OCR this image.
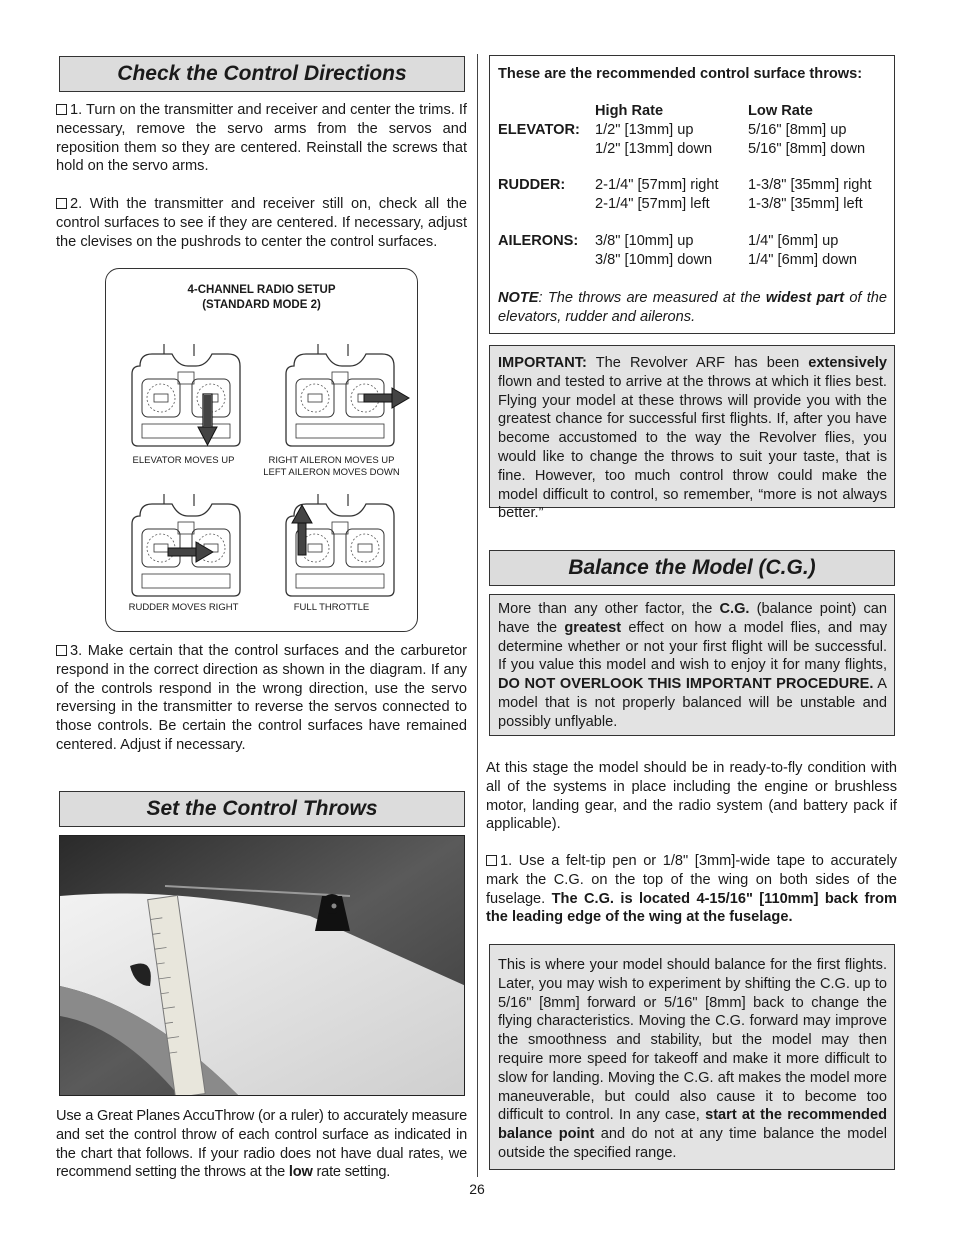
Check the Control Directions

1. Turn on the transmitter and receiver and center the trims. If necessary, remove the servo arms from the servos and reposition them so they are centered. Reinstall the screws that hold on the servo arms.

2. With the transmitter and receiver still on, check all the control surfaces to see if they are centered. If necessary, adjust the clevises on the pushrods to center the control surfaces.

4-CHANNEL RADIO SETUP
(STANDARD MODE 2)
ELEVATOR MOVES UP	RIGHT AILERON MOVES UP
LEFT AILERON MOVES DOWN
RUDDER MOVES RIGHT	FULL THROTTLE

3. Make certain that the control surfaces and the carburetor respond in the correct direction as shown in the diagram. If any of the controls respond in the wrong direction, use the servo reversing in the transmitter to reverse the servos connected to those controls. Be certain the control surfaces have remained centered. Adjust if necessary.

Set the Control Throws

Use a Great Planes AccuThrow (or a ruler) to accurately measure and set the control throw of each control surface as indicated in the chart that follows. If your radio does not have dual rates, we recommend setting the throws at the low rate setting.

These are the recommended control surface throws:
	High Rate	Low Rate
ELEVATOR:	1/2" [13mm] up	5/16" [8mm] up
	1/2" [13mm] down	5/16" [8mm] down

RUDDER:	2-1/4" [57mm] right	1-3/8" [35mm] right
	2-1/4" [57mm] left	1-3/8" [35mm] left

AILERONS:	3/8" [10mm] up	1/4" [6mm] up
	3/8" [10mm] down	1/4" [6mm] down

NOTE: The throws are measured at the widest part of the elevators, rudder and ailerons.

IMPORTANT: The Revolver ARF has been extensively flown and tested to arrive at the throws at which it flies best. Flying your model at these throws will provide you with the greatest chance for successful first flights. If, after you have become accustomed to the way the Revolver flies, you would like to change the throws to suit your taste, that is fine. However, too much control throw could make the model difficult to control, so remember, “more is not always better.”

Balance the Model (C.G.)

More than any other factor, the C.G. (balance point) can have the greatest effect on how a model flies, and may determine whether or not your first flight will be successful. If you value this model and wish to enjoy it for many flights, DO NOT OVERLOOK THIS IMPORTANT PROCEDURE. A model that is not properly balanced will be unstable and possibly unflyable.

At this stage the model should be in ready-to-fly condition with all of the systems in place including the engine or brushless motor, landing gear, and the radio system (and battery pack if applicable).

1. Use a felt-tip pen or 1/8" [3mm]-wide tape to accurately mark the C.G. on the top of the wing on both sides of the fuselage. The C.G. is located 4-15/16" [110mm] back from the leading edge of the wing at the fuselage.

This is where your model should balance for the first flights. Later, you may wish to experiment by shifting the C.G. up to 5/16" [8mm] forward or 5/16" [8mm] back to change the flying characteristics. Moving the C.G. forward may improve the smoothness and stability, but the model may then require more speed for takeoff and make it more difficult to slow for landing. Moving the C.G. aft makes the model more maneuverable, but could also cause it to become too difficult to control. In any case, start at the recommended balance point and do not at any time balance the model outside the specified range.

26
